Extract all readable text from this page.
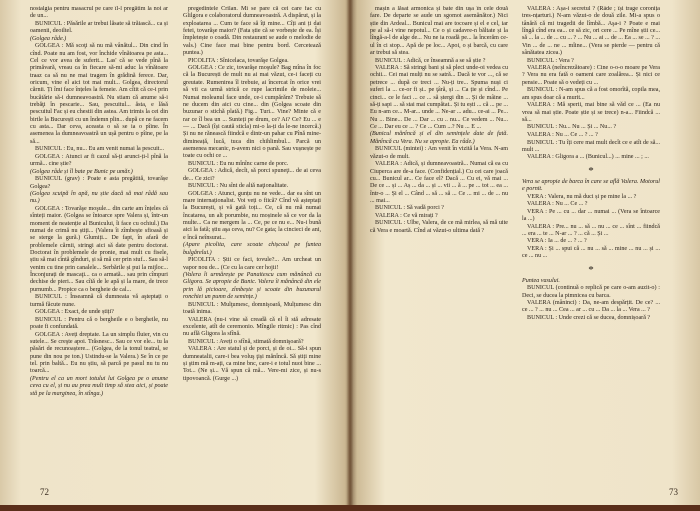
nostalgia pentru masacrul pe care îl-l pregătim la noi ar de un...

BUNICUL : Păsările ar trebui lăsate să trăiască... ca și oamenii, deoiltel.

(Golgea râde.)

GOLGEA : Mă scoţi să nu mă vânătul... Din cind în cînd. Poate nu am fost, vor închide vînătoarea pe asta... Cel ce vor avea de suferit... Las' că se vede pînă la primăvară, vreau ca în fiecare să-mi aduc la vînătoare traaz ca să nu ne mai tragem în grădină ferece. Dar, oricum, vine el aici tot mai mult... Golgea, directorul cărnii. Ți îmi face înțeles la femeie. Am cîtit că ce-i prin bucătărie să-i dumneavoastră. Nu stiam că anume să-i trebăţi în pescarie... Sau, pescuitul... ăsta, e lăsă pescuitul Fac și eu chestii din astea. Am trimis la cei din birtle la București cu un îndemn plin... după ce ne facem cu asta... Dar ceva, aceasta o să se ia o pîine. În asemenea la dumneavoastră un ușă pentru o pîine, pe la să...

BUNICUL : Eu, nu... Eu am venit numai la pescuit...

GOLGEA : Atunci ar fi cazul să-ți arunci-ți-l pînă la urmă... cine știe?

(Golgea râde și îl bate pe Bunic pe umăr.)

BUNICUL (grav) : Poate e asta pregătită, tovarășe Golgea?

(Golgea scuipă în apă, nu știe dacă să mai râdă sau nu.)

GOLGEA : Tovarăşe moşule... din carte am înțeles că sînteți maior. (Golgea se întoarce spre Valera și, într-un moment de neatenție al Bunicului, îi face cu ochiul.) Da numai de crimă nu știți... (Valera îi zîmbește sfioasă și se sterge la gură.) Glumiți... De fapt, în afară de problemele cărnii, stringi aici să date pentru doctorat. Doctorat în problemele de pronie, mai mult cu fisele, știu să mai cîntă gînduri, și să mă cer prin stuf... Sau să-l venim cu tine prin canalele... Serbările și pui la mijloc... Înconjurați de mascaţi... ca o armată... sau prin cîmpuri dechise de pieri... Sau cîtă de le apă și la mare, de trece purnumb... Propice ca o bergheie de cal...

BUNICUL : Înseamnă că dumneata vă aşteptați o turmă făcute nune.

GOLGEA : Exact, de unde știți?

BUNICUL : Pentru că o bergheile e o bergheile, nu poate fi confundată.

GOLGEA : Aveți dreptate. La un simplu fluier, vin cu sutele... Se creşte apoi. Trăsnesc... Sau ce vor ele... tu la păsări de recunoaștere... (Golgea, de la tonul teatral, se pune din nou pe ton.) Ustindu-se la Valera.) Se în ce pe tel. prin baltă... Eu nu știu, să parcă pe pasul nu tu nu toarcă...

(Pentru el ca un mort totului lui Golgea pe o anume ceva cu el, și nu au prea mult timp să stea aici, și poate stă pe la marginea, în stînga.)

pregedintele Crilan. Mi se pare că cei care fac cu Glilgora e colaboratorul dumneavoastră. A dispărut, și la exploatarea ... Cum te face să îți mine... Cîți ani ți dai fetei, tovarăşe maior? (Fata știe că se vorbește de ea. Își împletește o coadă. Din restaurant se aude o melodie de vals.) Cine face mai bine pentru bord. Cercetează puntea.)

PICOLITA : Sînicelaca, tovarăşe Golgea.

GOLGEA : Ce zic, tovarăşe moşule? Bag mîna în foc că la București de mult nu ai mai văzut, ce-i faceți cu greutate. Rumenirea îl trebuie, ai încercat în orice vrei să vii ca urmă strică ce rupe lacrimile de moleie... Numai moleanul face unde, ce-i cumpărăm? Trebuie să ne ducem din aici cu cine... din (Golgea scoate din buzunar o stichă plată.) Fig... Turi... Vine? Minte că e rar ce îl bea un ... Sunteți pe drum, ce? Ai? Ce? Eu ... e — ... Dacă (își caută sticla) mi-o la-ți da le-ne incercă.) Și nu ne rănească fiindcă e dintr-un pahar cu Pînă mine-dimineață, lucă, tuca din chihlimbul... Parcă un asemenea mecanic, n-avem nici o pană. Sau vușnește pe toate cu ochi ce ...

BUNICUL : Eu nu mînînc carne de porc.

GOLGEA : Adică, decît, să porci spuneţi... de ai ceva de... Ce zici?

BUNICUL : Nu sînt de altă naţionalitate.

GOLGEA : Atunci, gunțu nu ne vede... dar ea sînt un mare internaționalist. Voi veți o fiică? Cînd vă așteptați la București, și vă gată toți... Ce, că nu mă numai încatarea, un alt porumbie, nu moșinele să ce vor da la multe... Ca ne mergem la ... Ce, pe ce nu e... Nu-i bună aici la fată; știu aşa ceva, nu? Ce gata; la cincieci de ani, e încă neînsurat...

(Apare picolita, care scoate chișcoul pe funtea bulgărelui.)

PICOLITA : Știi ce faci, tovule?... Am urcheat un vapor nou de... (Ce cu la care cer hojii!

(Valera îi urmărește pe Panaitescu cum mănâncă cu Gligora. Se apropie de Bunic. Valera îi mănâncă din ele prin lă picioare, zîmbește și scoate din buzunarul ronchiei un pumn de semințe.)

BUNICUL : Mulţumesc, domnişoară, Mulțumesc din toată inima.

VALERA (nu-i vine să creadă că el îi stă adresate excelente, atît de ceremonio. Mîngile ritmic) : Pas cînd nu află Gligora la sfînă.

BUNICUL : Aveți o sfînă, stimată domnişoară?

VALERA : Are statul și de porci, și de oi... Să-i spun dumneatalii, care-i bea voluş ţiși mănîncă. Să știți mine și ştim mă m-ați, ca mine bnc, care-i e totul nuoi bine ... Tot... (Ne și... Vă spun că mă... Vere-mi zice, și nu-s tipovoancă. (Gurge ...)

72

mașin a lăsat armonica și bate din ușa în cele două fare. De departe se aude un sgomot asemănător.) Nici știe din Ardeal... Bunicul mai are tocoare și el e cel, iar pe al să-i vine nepotul... Ce o și cadavre-n băltate și la lîngă-a-l de alge de... Nu ne ia roadă pe... la încerăm ce-ul în ci stop... Apă de pe loc... Apoi, o și barcă, cu care ar trebui să stea.

BUNICUL : Adică, ce înseamnă a se să știe ?

VALERA : Să stringi bani și să pleci unde-oi vedea cu ochii... Cei mai mulți nu se satră... Dacă te vor ..., că se petrece ... după ce treci ... Nu-ți tre... Spuma nuși ci suferi la ... ce-or fi și.. pe ţâră, și ... Ca ție și cînd... Pe cinci... ce le faci ... ce ... să ștergi din ... Și de mâine ... să-ți sapi ... să stai mai cumpătat.. Și tu ești ... că ... pe ... Eu n-am ce... M-ar... unde ... Ne-ar ... adu... ce-ai ... Pe... Nu ... Bine... De ... Dar ... cu .. nu... Ce vedem ... Nu... Ce ... Dar eu ce ... ? Ce ... Cum ...? Nu ... E ...

(Bunicul mănîncă și el din semințele date de fată. Mănîncă cu Vera. Nu se apropie. Ea râde.)

BUNICUL (mintei) : Am venit în vizită la Vera. N-am văzut-o de mult.

VALERA : Adică, și dumneavoastră... Numai că ea cu Ciuperca are de-a face. (Confidențial.) Cu cei care joacă cu... Bunicul ar... Ce face el? Dacă ... Cu ei, vă mai ... De ce ... și ... Aș ... da ... și ... vii ... ă ... pe ... tot ... ea ... într-o ... Și el ... Când ... să ... să ... Ce ... mi ... de ... nu ... mai...

BUNICUL : Să vadă porci ?

VALERA : Ce vă mirați ?

BUNICUL : Ulbe, Valera, de ce mă mirlea, să mă uite că Vera e moartă. Cînd ai văzut-o ultima dată ?

VALERA : Așa-i secretul ? (Râde ; își trage coronița tres-nțarturi.) N-am văzut-o de două zile. Mi-a spus o tânără că mi tragedii de lîmbă... Aşa-i ? Poate e mai lîngă cînd era ea... ce să zic, ori cere ... Pe mîne știi ce... să ... la ... de ... cu ... ? ... Nu ... ai ... de ... Ea ... se ... ? ... Vin ... de ... ne ... mîine... (Vera se pierde — pentru că sânătatea zicea.)

BUNICUL : Vera ?

VALERA (neîncrezătoare) : Cine o-o-o moare pe Vera ? Vera nu era fată o oameni care zoalărea... Și nici ce pensie... Poate să o vedeți cu ...

BUNICUL : N-am spus că a fost omorîtă, copila mea, am spus doar că a murit...

VALERA : Mă sperii, mai bine să văd ce ... (Ea nu vrea să mai știe. Poate știe și se trece) n-a... Fiindcă ... să...

BUNICUL : Nu... Nu ... Și ... Nu... ?

VALERA : Nu ... Ce ... ? ... ?

BUNICUL : Tu îți cere mai mult decît ce e atît de să... mult ...

VALERA : Gligora a ... (Bunicul...) ... mine ... ; ...

*

Vera se apropie de barca în care se află Valera. Motorul e pornit.

VERA : Valera, nu mă duci și pe mine la ... ?

VALERA : Nu ... Ce ... ?

VERA : Pe ... cu ... dar ... numai ... (Vera se întoarce la ...)

VALERA : Pre... nu ... să ... nu ... ce ... sînt ... fiindcă ... era ... te ... N-ar ... ? ... că ... Și ...

VERA : Ia ... de ... ? ... ?

VERA : Și ... spui că ... nu ... să ... mine ... nu ... și ... ce ... nu ...

*

Puntea vasului.

BUNICUL (continuă o replică pe care o-am auzit-o) : Deci, se ducea la pimnicea cu barca.

VALERA (mâninci) : Da, ne-am despărțit. De ce? ... ce ... ? ... nu ... Cea ... ar ... cu ... Da ... la ... Vera ... ?

BUNICUL : Unde crezi că se ducea, domnișoară ?

73
